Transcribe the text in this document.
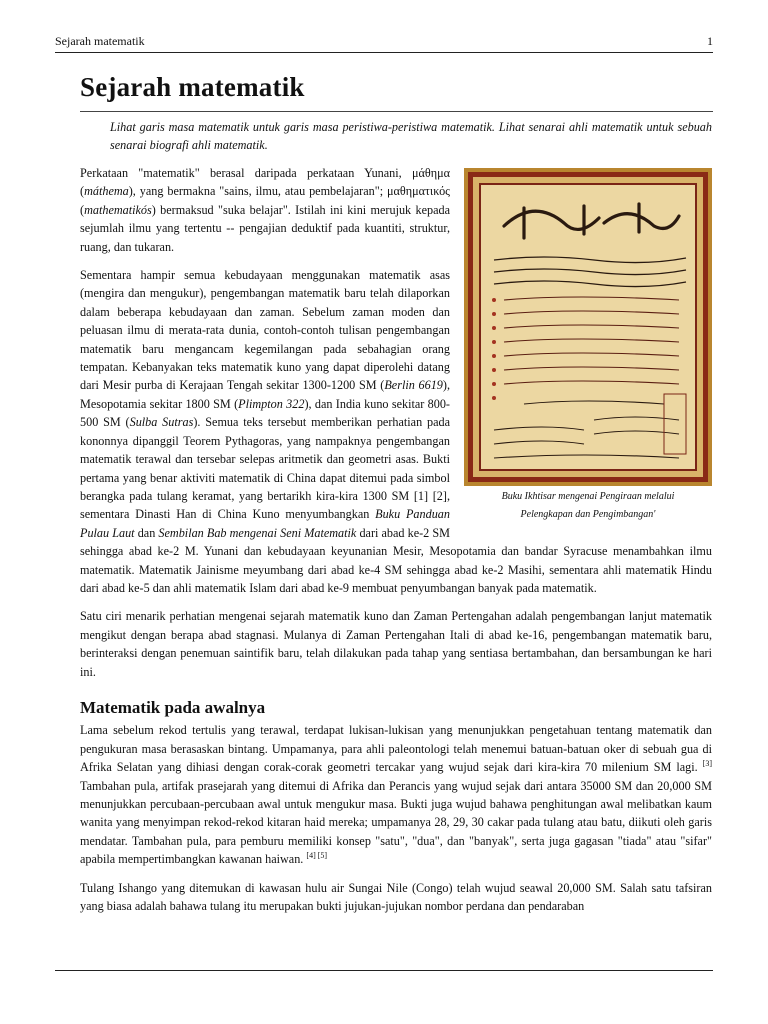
Sejarah matematik	1
Sejarah matematik

Lihat garis masa matematik untuk garis masa peristiwa-peristiwa matematik. Lihat senarai ahli matematik untuk sebuah senarai biografi ahli matematik.

Buku Ikhtisar mengenai Pengiraan melalui
Pelengkapan dan Pengimbangan'

Perkataan "matematik" berasal daripada perkataan Yunani, μάθημα (máthema), yang bermakna "sains, ilmu, atau pembelajaran"; μαθηματικός (mathematikós) bermaksud "suka belajar". Istilah ini kini merujuk kepada sejumlah ilmu yang tertentu -- pengajian deduktif pada kuantiti, struktur, ruang, dan tukaran.

Sementara hampir semua kebudayaan menggunakan matematik asas (mengira dan mengukur), pengembangan matematik baru telah dilaporkan dalam beberapa kebudayaan dan zaman. Sebelum zaman moden dan peluasan ilmu di merata-rata dunia, contoh-contoh tulisan pengembangan matematik baru mengancam kegemilangan pada sebahagian orang tempatan. Kebanyakan teks matematik kuno yang dapat diperolehi datang dari Mesir purba di Kerajaan Tengah sekitar 1300-1200 SM (Berlin 6619), Mesopotamia sekitar 1800 SM (Plimpton 322), dan India kuno sekitar 800-500 SM (Sulba Sutras). Semua teks tersebut memberikan perhatian pada kononnya dipanggil Teorem Pythagoras, yang nampaknya pengembangan matematik terawal dan tersebar selepas aritmetik dan geometri asas. Bukti pertama yang benar aktiviti matematik di China dapat ditemui pada simbol berangka pada tulang keramat, yang bertarikh kira-kira 1300 SM [1] [2], sementara Dinasti Han di China Kuno menyumbangkan Buku Panduan Pulau Laut dan Sembilan Bab mengenai Seni Matematik dari abad ke-2 SM sehingga abad ke-2 M. Yunani dan kebudayaan keyunanian Mesir, Mesopotamia dan bandar Syracuse menambahkan ilmu matematik. Matematik Jainisme meyumbang dari abad ke-4 SM sehingga abad ke-2 Masihi, sementara ahli matematik Hindu dari abad ke-5 dan ahli matematik Islam dari abad ke-9 membuat penyumbangan banyak pada matematik.

Satu ciri menarik perhatian mengenai sejarah matematik kuno dan Zaman Pertengahan adalah pengembangan lanjut matematik mengikut dengan berapa abad stagnasi. Mulanya di Zaman Pertengahan Itali di abad ke-16, pengembangan matematik baru, berinteraksi dengan penemuan saintifik baru, telah dilakukan pada tahap yang sentiasa bertambahan, dan bersambungan ke hari ini.

Matematik pada awalnya

Lama sebelum rekod tertulis yang terawal, terdapat lukisan-lukisan yang menunjukkan pengetahuan tentang matematik dan pengukuran masa berasaskan bintang. Umpamanya, para ahli paleontologi telah menemui batuan-batuan oker di sebuah gua di Afrika Selatan yang dihiasi dengan corak-corak geometri tercakar yang wujud sejak dari kira-kira 70 milenium SM lagi. [3] Tambahan pula, artifak prasejarah yang ditemui di Afrika dan Perancis yang wujud sejak dari antara 35000 SM dan 20,000 SM menunjukkan percubaan-percubaan awal untuk mengukur masa. Bukti juga wujud bahawa penghitungan awal melibatkan kaum wanita yang menyimpan rekod-rekod kitaran haid mereka; umpamanya 28, 29, 30 cakar pada tulang atau batu, diikuti oleh garis mendatar. Tambahan pula, para pemburu memiliki konsep "satu", "dua", dan "banyak", serta juga gagasan "tiada" atau "sifar" apabila mempertimbangkan kawanan haiwan. [4] [5]

Tulang Ishango yang ditemukan di kawasan hulu air Sungai Nile (Congo) telah wujud seawal 20,000 SM. Salah satu tafsiran yang biasa adalah bahawa tulang itu merupakan bukti jujukan-jujukan nombor perdana dan pendaraban
